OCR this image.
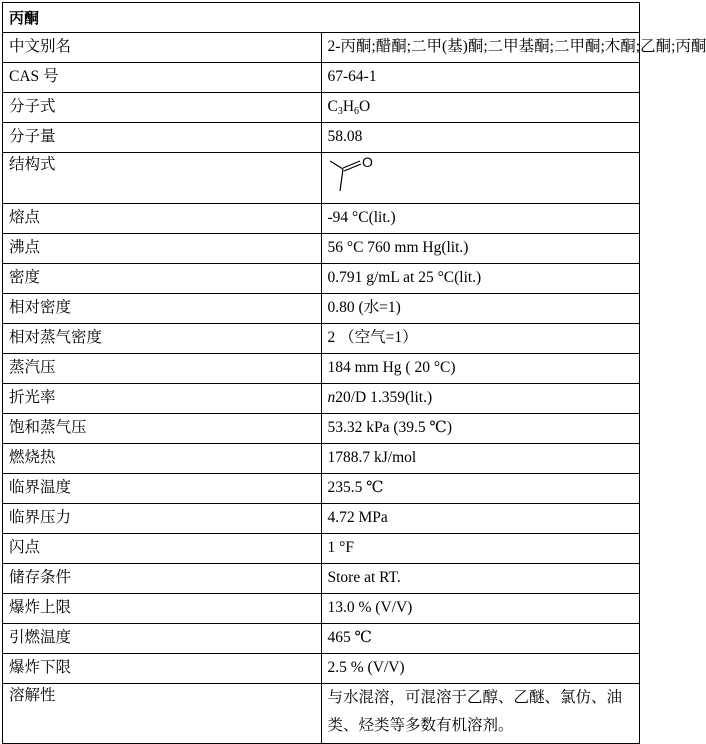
丙酮	
中文别名	2-丙酮;醋酮;二甲(基)酮;二甲基酮;二甲酮;木酮;乙酮;丙酮
CAS 号	67-64-1
分子式	$C_3H_6O$
分子量	58.08
结构式	O

熔点	-94 °C(lit.)
沸点	56 °C 760 mm Hg(lit.)
密度	0.791 g/mL at 25 °C(lit.)
相对密度	0.80 (水=1)
相对蒸气密度	2 （空气=1）
蒸汽压	184 mm Hg ( 20 °C)
折光率	n20/D 1.359(lit.)
饱和蒸气压	53.32 kPa (39.5 ℃)
燃烧热	1788.7 kJ/mol
临界温度	235.5 ℃
临界压力	4.72 MPa
闪点	1 °F
储存条件	Store at RT.
爆炸上限	13.0 % (V/V)
引燃温度	465 ℃
爆炸下限	2.5 % (V/V)
溶解性	与水混溶，可混溶于乙醇、乙醚、氯仿、油类、烃类等多数有机溶剂。
